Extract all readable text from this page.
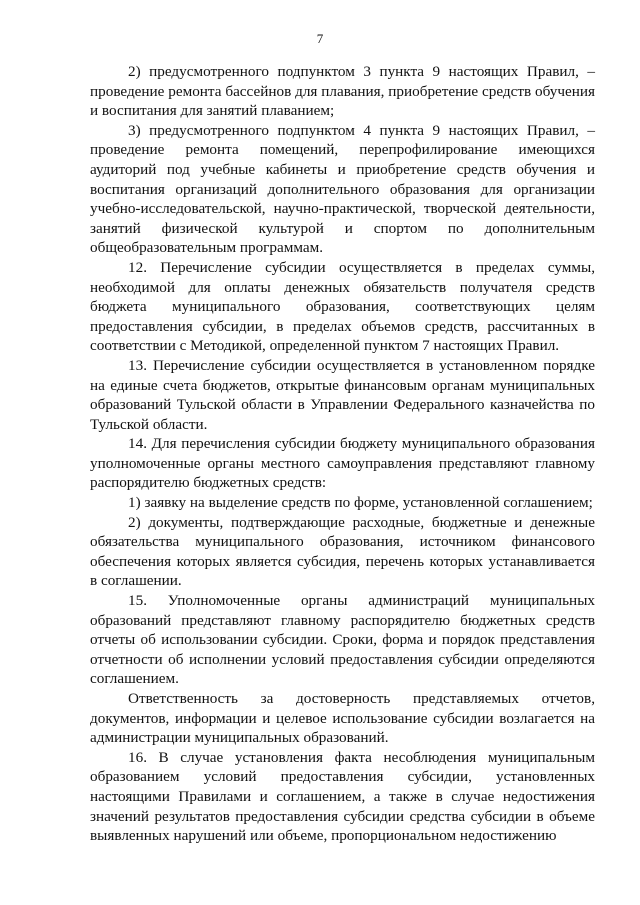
7

2) предусмотренного подпунктом 3 пункта 9 настоящих Правил, – проведение ремонта бассейнов для плавания, приобретение средств обучения и воспитания для занятий плаванием;

3) предусмотренного подпунктом 4 пункта 9 настоящих Правил, – проведение ремонта помещений, перепрофилирование имеющихся аудиторий под учебные кабинеты и приобретение средств обучения и воспитания организаций дополнительного образования для организации учебно-исследовательской, научно-практической, творческой деятельности, занятий физической культурой и спортом по дополнительным общеобразовательным программам.

12. Перечисление субсидии осуществляется в пределах суммы, необходимой для оплаты денежных обязательств получателя средств бюджета муниципального образования, соответствующих целям предоставления субсидии, в пределах объемов средств, рассчитанных в соответствии с Методикой, определенной пунктом 7 настоящих Правил.

13. Перечисление субсидии осуществляется в установленном порядке на единые счета бюджетов, открытые финансовым органам муниципальных образований Тульской области в Управлении Федерального казначейства по Тульской области.

14. Для перечисления субсидии бюджету муниципального образования уполномоченные органы местного самоуправления представляют главному распорядителю бюджетных средств:

1) заявку на выделение средств по форме, установленной соглашением;

2) документы, подтверждающие расходные, бюджетные и денежные обязательства муниципального образования, источником финансового обеспечения которых является субсидия, перечень которых устанавливается в соглашении.

15. Уполномоченные органы администраций муниципальных образований представляют главному распорядителю бюджетных средств отчеты об использовании субсидии. Сроки, форма и порядок представления отчетности об исполнении условий предоставления субсидии определяются соглашением.

Ответственность за достоверность представляемых отчетов, документов, информации и целевое использование субсидии возлагается на администрации муниципальных образований.

16. В случае установления факта несоблюдения муниципальным образованием условий предоставления субсидии, установленных настоящими Правилами и соглашением, а также в случае недостижения значений результатов предоставления субсидии средства субсидии в объеме выявленных нарушений или объеме, пропорциональном недостижению
